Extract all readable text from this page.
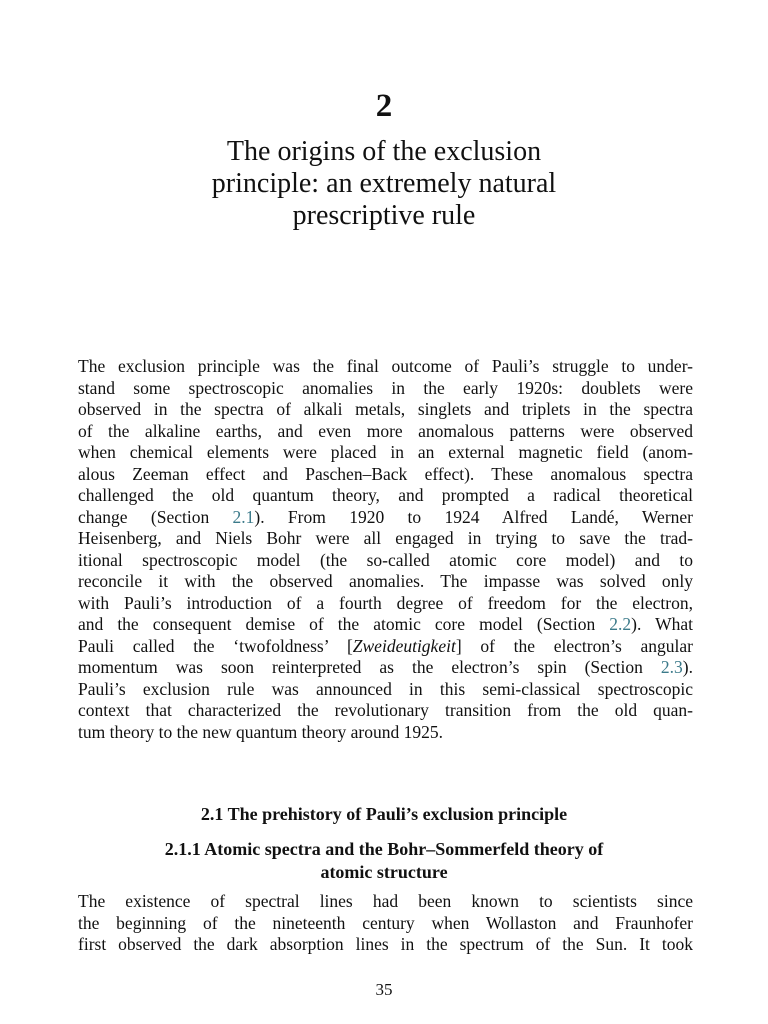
2
The origins of the exclusion
principle: an extremely natural
prescriptive rule
The exclusion principle was the final outcome of Pauli’s struggle to under-
stand some spectroscopic anomalies in the early 1920s: doublets were
observed in the spectra of alkali metals, singlets and triplets in the spectra
of the alkaline earths, and even more anomalous patterns were observed
when chemical elements were placed in an external magnetic field (anom-
alous Zeeman effect and Paschen–Back effect). These anomalous spectra
challenged the old quantum theory, and prompted a radical theoretical
change (Section 2.1). From 1920 to 1924 Alfred Landé, Werner
Heisenberg, and Niels Bohr were all engaged in trying to save the trad-
itional spectroscopic model (the so-called atomic core model) and to
reconcile it with the observed anomalies. The impasse was solved only
with Pauli’s introduction of a fourth degree of freedom for the electron,
and the consequent demise of the atomic core model (Section 2.2). What
Pauli called the ‘twofoldness’ [Zweideutigkeit] of the electron’s angular
momentum was soon reinterpreted as the electron’s spin (Section 2.3).
Pauli’s exclusion rule was announced in this semi-classical spectroscopic
context that characterized the revolutionary transition from the old quan-
tum theory to the new quantum theory around 1925.
2.1 The prehistory of Pauli’s exclusion principle
2.1.1 Atomic spectra and the Bohr–Sommerfeld theory of
atomic structure
The existence of spectral lines had been known to scientists since
the beginning of the nineteenth century when Wollaston and Fraunhofer
first observed the dark absorption lines in the spectrum of the Sun. It took
35
